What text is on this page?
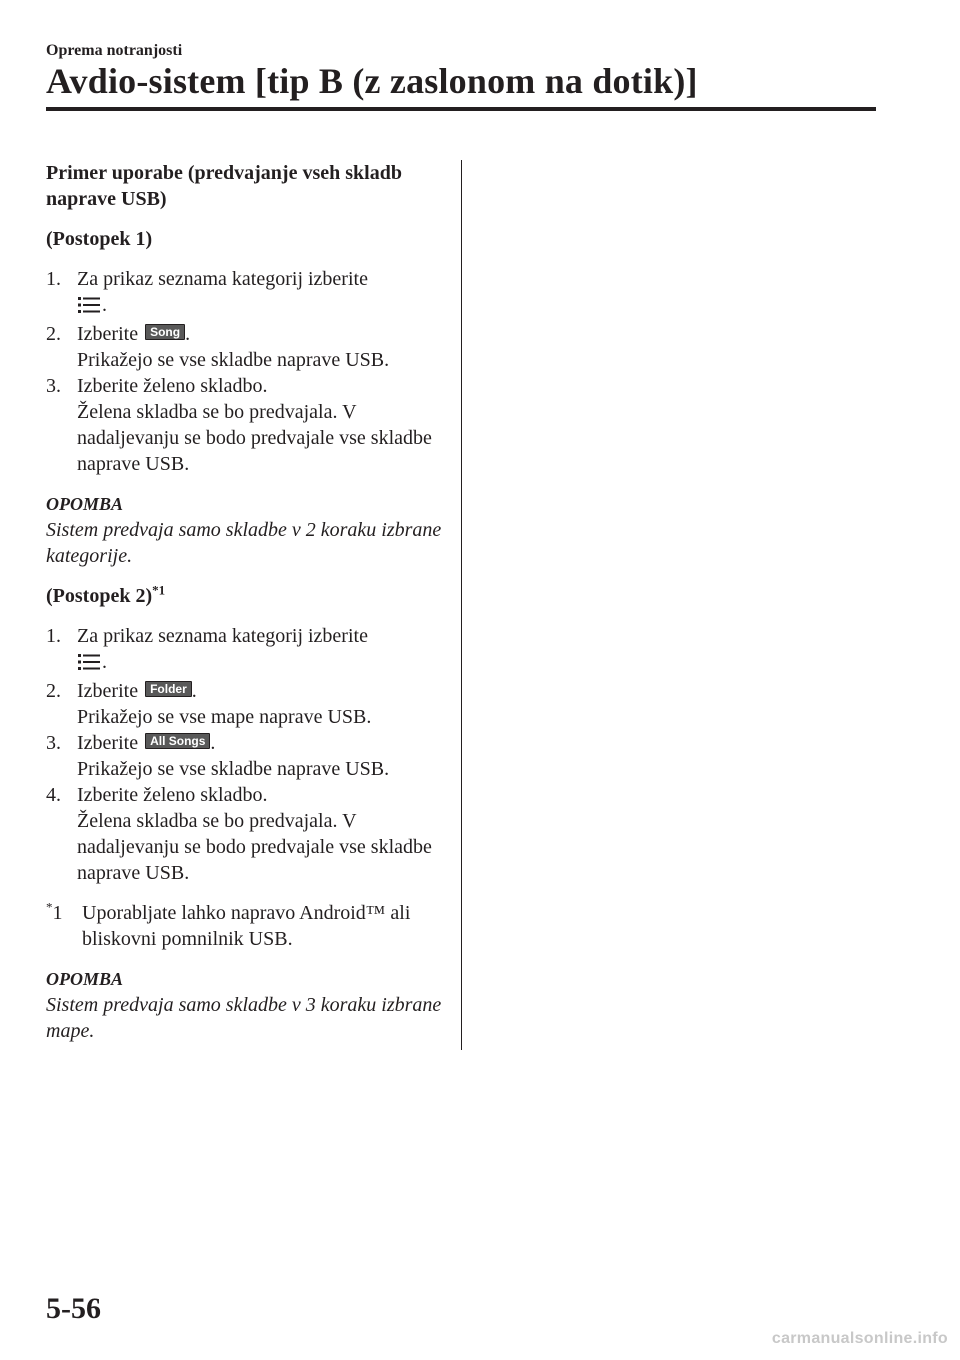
Oprema notranjosti
Avdio-sistem [tip B (z zaslonom na dotik)]

Primer uporabe (predvajanje vseh skladb naprave USB)

(Postopek 1)

1. Za prikaz seznama kategorij izberite
.
2. Izberite Song .
Prikažejo se vse skladbe naprave USB.
3. Izberite želeno skladbo.
Želena skladba se bo predvajala. V nadaljevanju se bodo predvajale vse skladbe naprave USB.

OPOMBA

Sistem predvaja samo skladbe v 2 koraku izbrane kategorije.

(Postopek 2)$^{*1}$

1. Za prikaz seznama kategorij izberite
.
2. Izberite Folder .
Prikažejo se vse mape naprave USB.
3. Izberite All Songs .
Prikažejo se vse skladbe naprave USB.
4. Izberite želeno skladbo.
Želena skladba se bo predvajala. V nadaljevanju se bodo predvajale vse skladbe naprave USB.

*1 Uporabljate lahko napravo Android™ ali bliskovni pomnilnik USB.

OPOMBA

Sistem predvaja samo skladbe v 3 koraku izbrane mape.

5-56
carmanualsonline.info
